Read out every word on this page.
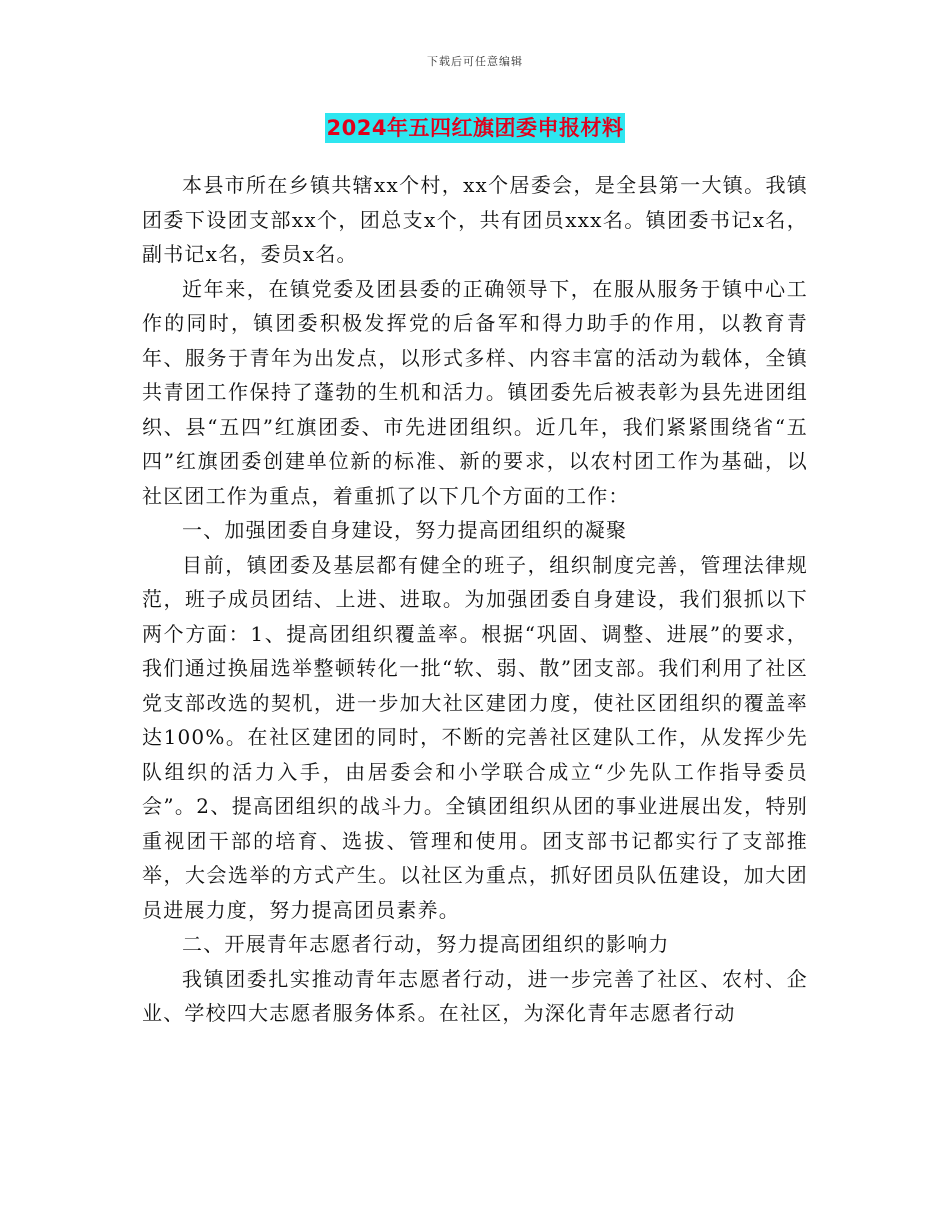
下载后可任意编辑
2024年五四红旗团委申报材料

本县市所在乡镇共辖xx个村，xx个居委会，是全县第一大镇。我镇团委下设团支部xx个，团总支x个，共有团员xxx名。镇团委书记x名，副书记x名，委员x名。

近年来，在镇党委及团县委的正确领导下，在服从服务于镇中心工作的同时，镇团委积极发挥党的后备军和得力助手的作用，以教育青年、服务于青年为出发点，以形式多样、内容丰富的活动为载体，全镇共青团工作保持了蓬勃的生机和活力。镇团委先后被表彰为县先进团组织、县“五四”红旗团委、市先进团组织。近几年，我们紧紧围绕省“五四”红旗团委创建单位新的标准、新的要求，以农村团工作为基础，以社区团工作为重点，着重抓了以下几个方面的工作：

一、加强团委自身建设，努力提高团组织的凝聚

目前，镇团委及基层都有健全的班子，组织制度完善，管理法律规范，班子成员团结、上进、进取。为加强团委自身建设，我们狠抓以下两个方面：1、提高团组织覆盖率。根据“巩固、调整、进展”的要求，我们通过换届选举整顿转化一批“软、弱、散”团支部。我们利用了社区党支部改选的契机，进一步加大社区建团力度，使社区团组织的覆盖率达100%。在社区建团的同时，不断的完善社区建队工作，从发挥少先队组织的活力入手，由居委会和小学联合成立“少先队工作指导委员会”。2、提高团组织的战斗力。全镇团组织从团的事业进展出发，特别重视团干部的培育、选拔、管理和使用。团支部书记都实行了支部推举，大会选举的方式产生。以社区为重点，抓好团员队伍建设，加大团员进展力度，努力提高团员素养。

二、开展青年志愿者行动，努力提高团组织的影响力

我镇团委扎实推动青年志愿者行动，进一步完善了社区、农村、企业、学校四大志愿者服务体系。在社区，为深化青年志愿者行动
